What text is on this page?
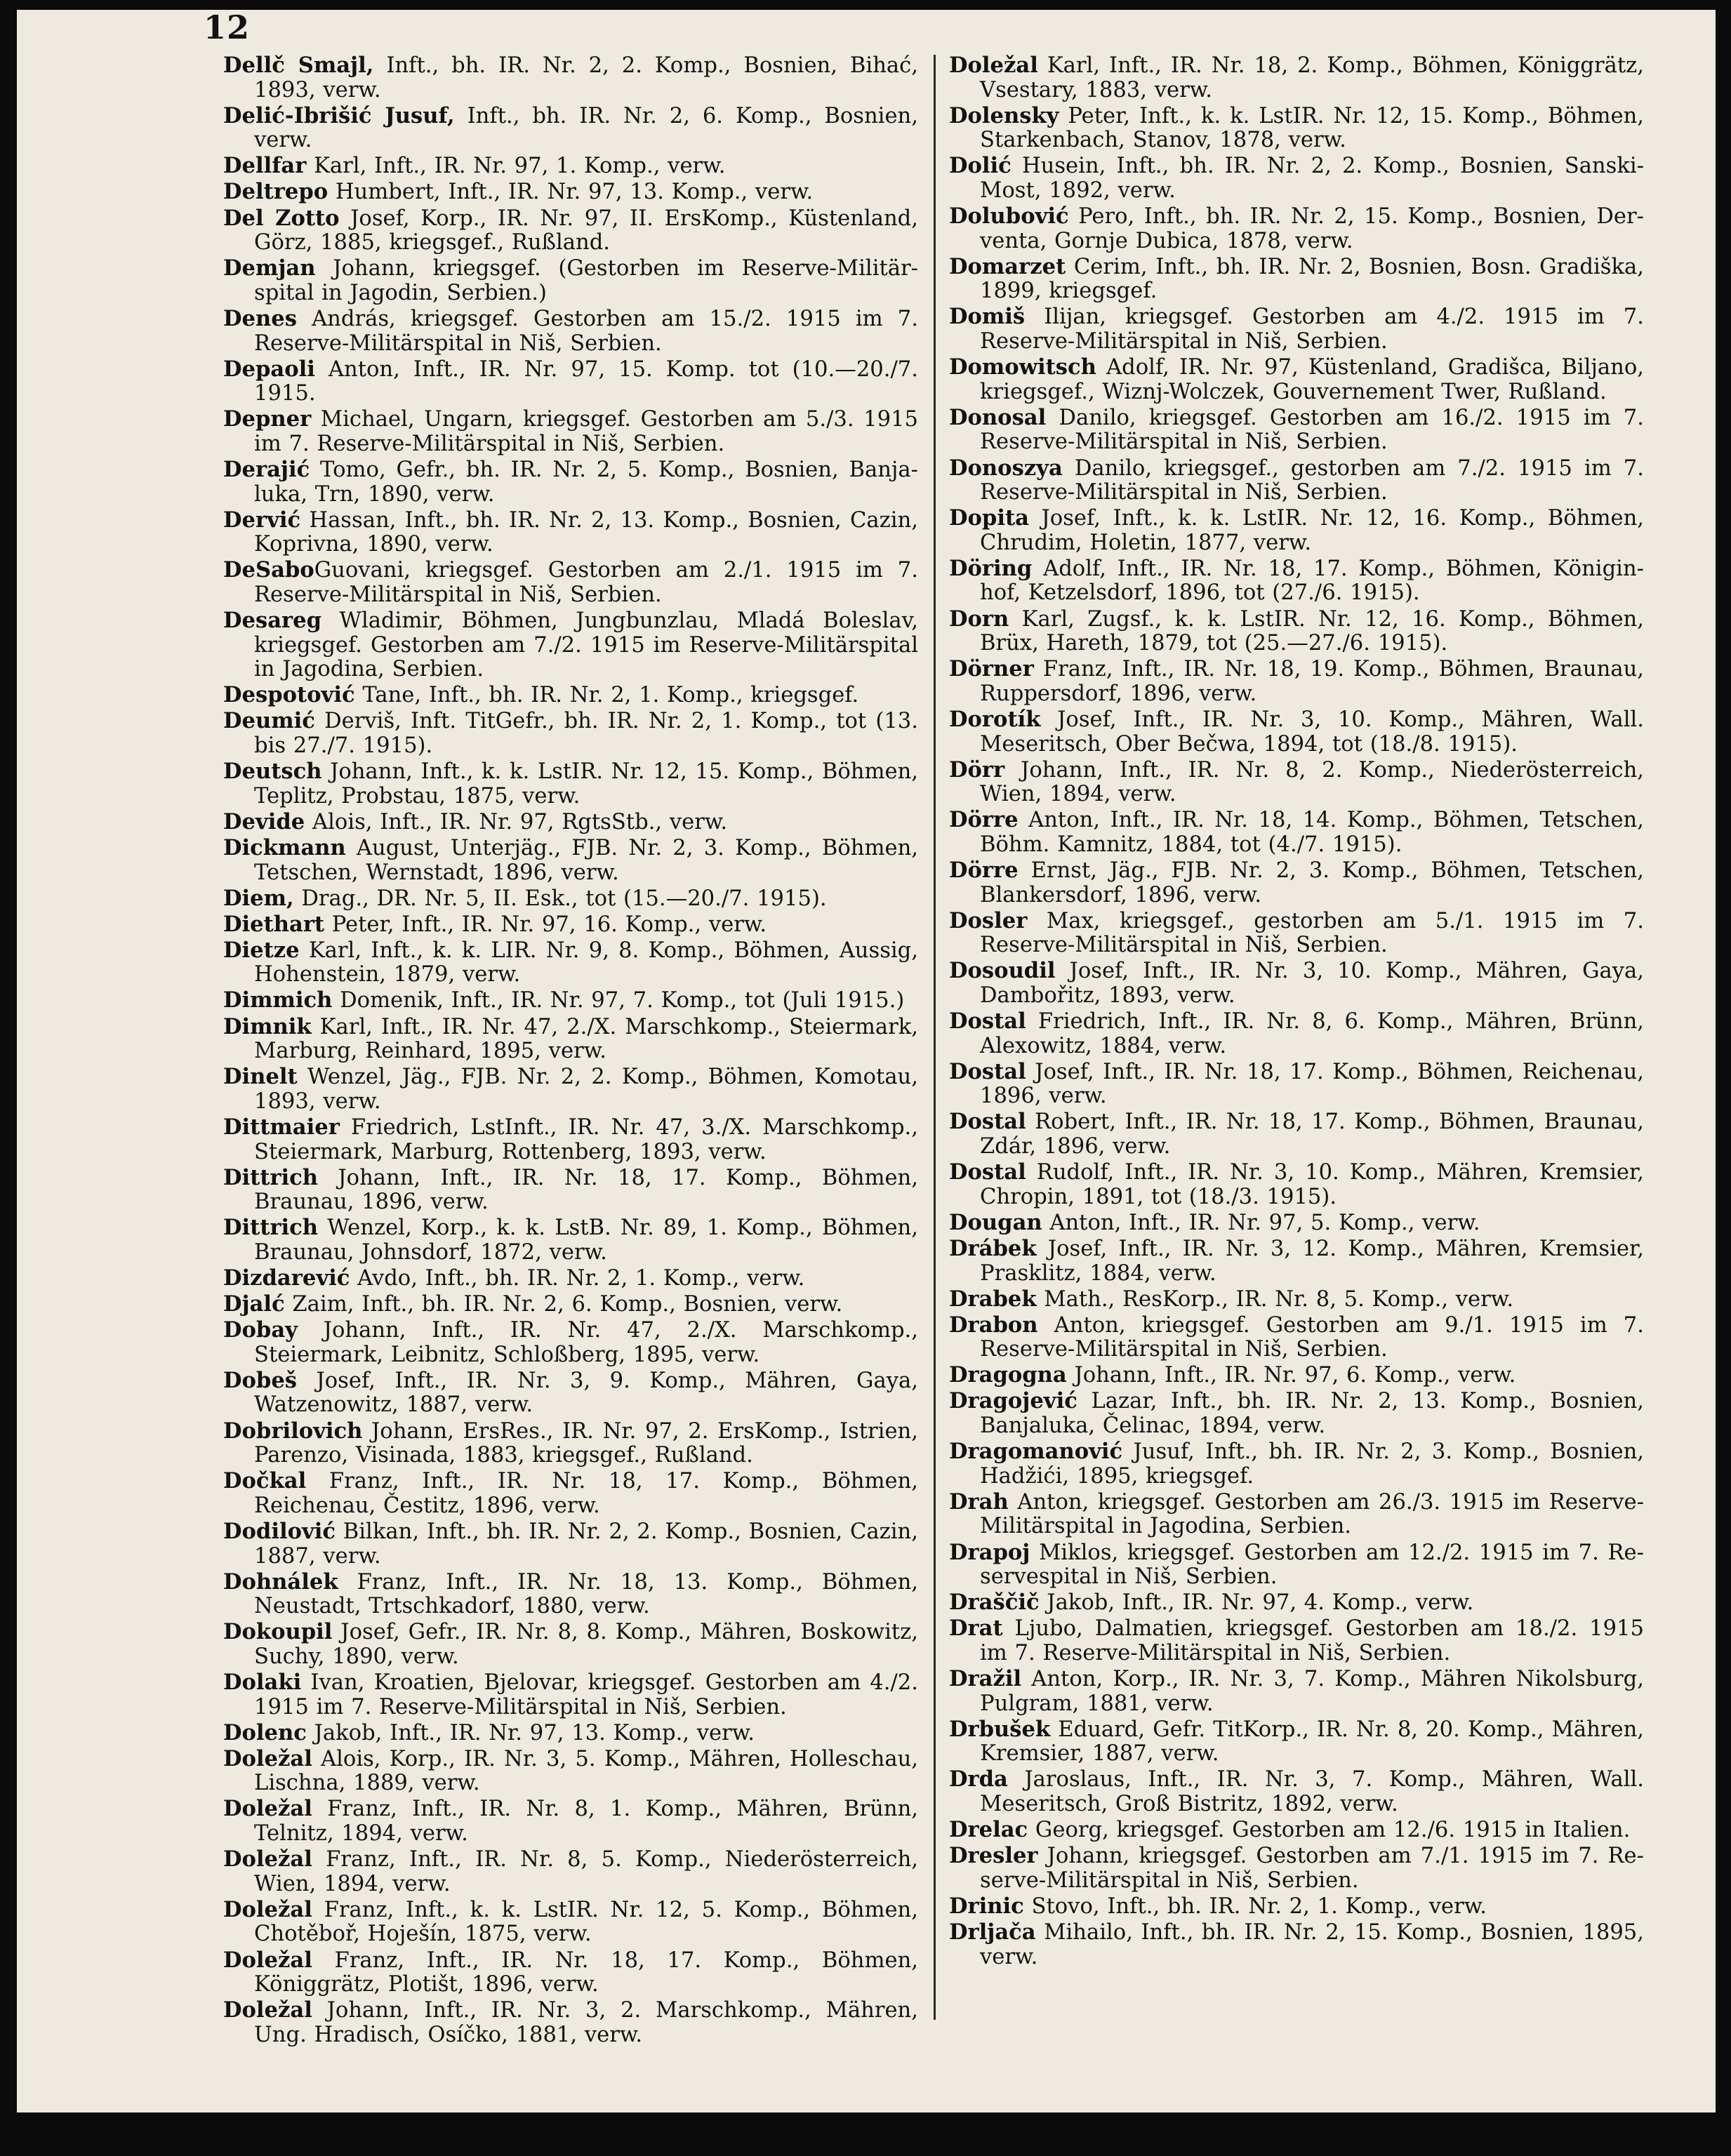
12

Dellč Smajl, Inft., bh. IR. Nr. 2, 2. Komp., Bosnien, Bihać, 1893, verw.

Delić-Ibrišić Jusuf, Inft., bh. IR. Nr. 2, 6. Komp., Bosnien, verw.

Dellfar Karl, Inft., IR. Nr. 97, 1. Komp., verw.

Deltrepo Humbert, Inft., IR. Nr. 97, 13. Komp., verw.

Del Zotto Josef, Korp., IR. Nr. 97, II. ErsKomp., Küstenland, Görz, 1885, kriegsgef., Rußland.

Demjan Johann, kriegsgef. (Gestorben im Reserve-Militärspital in Jagodin, Serbien.)

Denes András, kriegsgef. Gestorben am 15./2. 1915 im 7. Reserve-Militärspital in Niš, Serbien.

Depaoli Anton, Inft., IR. Nr. 97, 15. Komp. tot (10.—20./7. 1915.

Depner Michael, Ungarn, kriegsgef. Gestorben am 5./3. 1915 im 7. Reserve-Militärspital in Niš, Serbien.

Derajić Tomo, Gefr., bh. IR. Nr. 2, 5. Komp., Bosnien, Banjaluka, Trn, 1890, verw.

Dervić Hassan, Inft., bh. IR. Nr. 2, 13. Komp., Bosnien, Cazin, Koprivna, 1890, verw.

DeSaboGuovani, kriegsgef. Gestorben am 2./1. 1915 im 7. Reserve-Militärspital in Niš, Serbien.

Desareg Wladimir, Böhmen, Jungbunzlau, Mladá Boleslav, kriegsgef. Gestorben am 7./2. 1915 im Reserve-Militärspital in Jagodina, Serbien.

Despotović Tane, Inft., bh. IR. Nr. 2, 1. Komp., kriegsgef.

Deumić Derviš, Inft. TitGefr., bh. IR. Nr. 2, 1. Komp., tot (13. bis 27./7. 1915).

Deutsch Johann, Inft., k. k. LstIR. Nr. 12, 15. Komp., Böhmen, Teplitz, Probstau, 1875, verw.

Devide Alois, Inft., IR. Nr. 97, RgtsStb., verw.

Dickmann August, Unterjäg., FJB. Nr. 2, 3. Komp., Böhmen, Tetschen, Wernstadt, 1896, verw.

Diem, Drag., DR. Nr. 5, II. Esk., tot (15.—20./7. 1915).

Diethart Peter, Inft., IR. Nr. 97, 16. Komp., verw.

Dietze Karl, Inft., k. k. LIR. Nr. 9, 8. Komp., Böhmen, Aussig, Hohenstein, 1879, verw.

Dimmich Domenik, Inft., IR. Nr. 97, 7. Komp., tot (Juli 1915.)

Dimnik Karl, Inft., IR. Nr. 47, 2./X. Marschkomp., Steiermark, Marburg, Reinhard, 1895, verw.

Dinelt Wenzel, Jäg., FJB. Nr. 2, 2. Komp., Böhmen, Komotau, 1893, verw.

Dittmaier Friedrich, LstInft., IR. Nr. 47, 3./X. Marschkomp., Steiermark, Marburg, Rottenberg, 1893, verw.

Dittrich Johann, Inft., IR. Nr. 18, 17. Komp., Böhmen, Braunau, 1896, verw.

Dittrich Wenzel, Korp., k. k. LstB. Nr. 89, 1. Komp., Böhmen, Braunau, Johnsdorf, 1872, verw.

Dizdarević Avdo, Inft., bh. IR. Nr. 2, 1. Komp., verw.

Djalć Zaim, Inft., bh. IR. Nr. 2, 6. Komp., Bosnien, verw.

Dobay Johann, Inft., IR. Nr. 47, 2./X. Marschkomp., Steiermark, Leibnitz, Schloßberg, 1895, verw.

Dobeš Josef, Inft., IR. Nr. 3, 9. Komp., Mähren, Gaya, Watzenowitz, 1887, verw.

Dobrilovich Johann, ErsRes., IR. Nr. 97, 2. ErsKomp., Istrien, Parenzo, Visinada, 1883, kriegsgef., Rußland.

Dočkal Franz, Inft., IR. Nr. 18, 17. Komp., Böhmen, Reichenau, Čestitz, 1896, verw.

Dodilović Bilkan, Inft., bh. IR. Nr. 2, 2. Komp., Bosnien, Cazin, 1887, verw.

Dohnálek Franz, Inft., IR. Nr. 18, 13. Komp., Böhmen, Neustadt, Trtschkadorf, 1880, verw.

Dokoupil Josef, Gefr., IR. Nr. 8, 8. Komp., Mähren, Boskowitz, Suchy, 1890, verw.

Dolaki Ivan, Kroatien, Bjelovar, kriegsgef. Gestorben am 4./2. 1915 im 7. Reserve-Militärspital in Niš, Serbien.

Dolenc Jakob, Inft., IR. Nr. 97, 13. Komp., verw.

Doležal Alois, Korp., IR. Nr. 3, 5. Komp., Mähren, Holleschau, Lischna, 1889, verw.

Doležal Franz, Inft., IR. Nr. 8, 1. Komp., Mähren, Brünn, Telnitz, 1894, verw.

Doležal Franz, Inft., IR. Nr. 8, 5. Komp., Niederösterreich, Wien, 1894, verw.

Doležal Franz, Inft., k. k. LstIR. Nr. 12, 5. Komp., Böhmen, Chotěboř, Hoješín, 1875, verw.

Doležal Franz, Inft., IR. Nr. 18, 17. Komp., Böhmen, Königgrätz, Plotišt, 1896, verw.

Doležal Johann, Inft., IR. Nr. 3, 2. Marschkomp., Mähren, Ung. Hradisch, Osíčko, 1881, verw.

Doležal Karl, Inft., IR. Nr. 18, 2. Komp., Böhmen, Königgrätz, Vsestary, 1883, verw.

Dolensky Peter, Inft., k. k. LstIR. Nr. 12, 15. Komp., Böhmen, Starkenbach, Stanov, 1878, verw.

Dolić Husein, Inft., bh. IR. Nr. 2, 2. Komp., Bosnien, Sanski-Most, 1892, verw.

Dolubović Pero, Inft., bh. IR. Nr. 2, 15. Komp., Bosnien, Derventa, Gornje Dubica, 1878, verw.

Domarzet Cerim, Inft., bh. IR. Nr. 2, Bosnien, Bosn. Gradiška, 1899, kriegsgef.

Domiš Ilijan, kriegsgef. Gestorben am 4./2. 1915 im 7. Reserve-Militärspital in Niš, Serbien.

Domowitsch Adolf, IR. Nr. 97, Küstenland, Gradišca, Biljano, kriegsgef., Wiznj-Wolczek, Gouvernement Twer, Rußland.

Donosal Danilo, kriegsgef. Gestorben am 16./2. 1915 im 7. Reserve-Militärspital in Niš, Serbien.

Donoszya Danilo, kriegsgef., gestorben am 7./2. 1915 im 7. Reserve-Militärspital in Niš, Serbien.

Dopita Josef, Inft., k. k. LstIR. Nr. 12, 16. Komp., Böhmen, Chrudim, Holetin, 1877, verw.

Döring Adolf, Inft., IR. Nr. 18, 17. Komp., Böhmen, Königinhof, Ketzelsdorf, 1896, tot (27./6. 1915).

Dorn Karl, Zugsf., k. k. LstIR. Nr. 12, 16. Komp., Böhmen, Brüx, Hareth, 1879, tot (25.—27./6. 1915).

Dörner Franz, Inft., IR. Nr. 18, 19. Komp., Böhmen, Braunau, Ruppersdorf, 1896, verw.

Dorotík Josef, Inft., IR. Nr. 3, 10. Komp., Mähren, Wall. Meseritsch, Ober Bečwa, 1894, tot (18./8. 1915).

Dörr Johann, Inft., IR. Nr. 8, 2. Komp., Niederösterreich, Wien, 1894, verw.

Dörre Anton, Inft., IR. Nr. 18, 14. Komp., Böhmen, Tetschen, Böhm. Kamnitz, 1884, tot (4./7. 1915).

Dörre Ernst, Jäg., FJB. Nr. 2, 3. Komp., Böhmen, Tetschen, Blankersdorf, 1896, verw.

Dosler Max, kriegsgef., gestorben am 5./1. 1915 im 7. Reserve-Militärspital in Niš, Serbien.

Dosoudil Josef, Inft., IR. Nr. 3, 10. Komp., Mähren, Gaya, Dambořitz, 1893, verw.

Dostal Friedrich, Inft., IR. Nr. 8, 6. Komp., Mähren, Brünn, Alexowitz, 1884, verw.

Dostal Josef, Inft., IR. Nr. 18, 17. Komp., Böhmen, Reichenau, 1896, verw.

Dostal Robert, Inft., IR. Nr. 18, 17. Komp., Böhmen, Braunau, Zdár, 1896, verw.

Dostal Rudolf, Inft., IR. Nr. 3, 10. Komp., Mähren, Kremsier, Chropin, 1891, tot (18./3. 1915).

Dougan Anton, Inft., IR. Nr. 97, 5. Komp., verw.

Drábek Josef, Inft., IR. Nr. 3, 12. Komp., Mähren, Kremsier, Prasklitz, 1884, verw.

Drabek Math., ResKorp., IR. Nr. 8, 5. Komp., verw.

Drabon Anton, kriegsgef. Gestorben am 9./1. 1915 im 7. Reserve-Militärspital in Niš, Serbien.

Dragogna Johann, Inft., IR. Nr. 97, 6. Komp., verw.

Dragojević Lazar, Inft., bh. IR. Nr. 2, 13. Komp., Bosnien, Banjaluka, Čelinac, 1894, verw.

Dragomanović Jusuf, Inft., bh. IR. Nr. 2, 3. Komp., Bosnien, Hadžići, 1895, kriegsgef.

Drah Anton, kriegsgef. Gestorben am 26./3. 1915 im Reserve-Militärspital in Jagodina, Serbien.

Drapoj Miklos, kriegsgef. Gestorben am 12./2. 1915 im 7. Reservespital in Niš, Serbien.

Draščič Jakob, Inft., IR. Nr. 97, 4. Komp., verw.

Drat Ljubo, Dalmatien, kriegsgef. Gestorben am 18./2. 1915 im 7. Reserve-Militärspital in Niš, Serbien.

Dražil Anton, Korp., IR. Nr. 3, 7. Komp., Mähren Nikolsburg, Pulgram, 1881, verw.

Drbušek Eduard, Gefr. TitKorp., IR. Nr. 8, 20. Komp., Mähren, Kremsier, 1887, verw.

Drda Jaroslaus, Inft., IR. Nr. 3, 7. Komp., Mähren, Wall. Meseritsch, Groß Bistritz, 1892, verw.

Drelac Georg, kriegsgef. Gestorben am 12./6. 1915 in Italien.

Dresler Johann, kriegsgef. Gestorben am 7./1. 1915 im 7. Reserve-Militärspital in Niš, Serbien.

Drinic Stovo, Inft., bh. IR. Nr. 2, 1. Komp., verw.

Drljača Mihailo, Inft., bh. IR. Nr. 2, 15. Komp., Bosnien, 1895, verw.
